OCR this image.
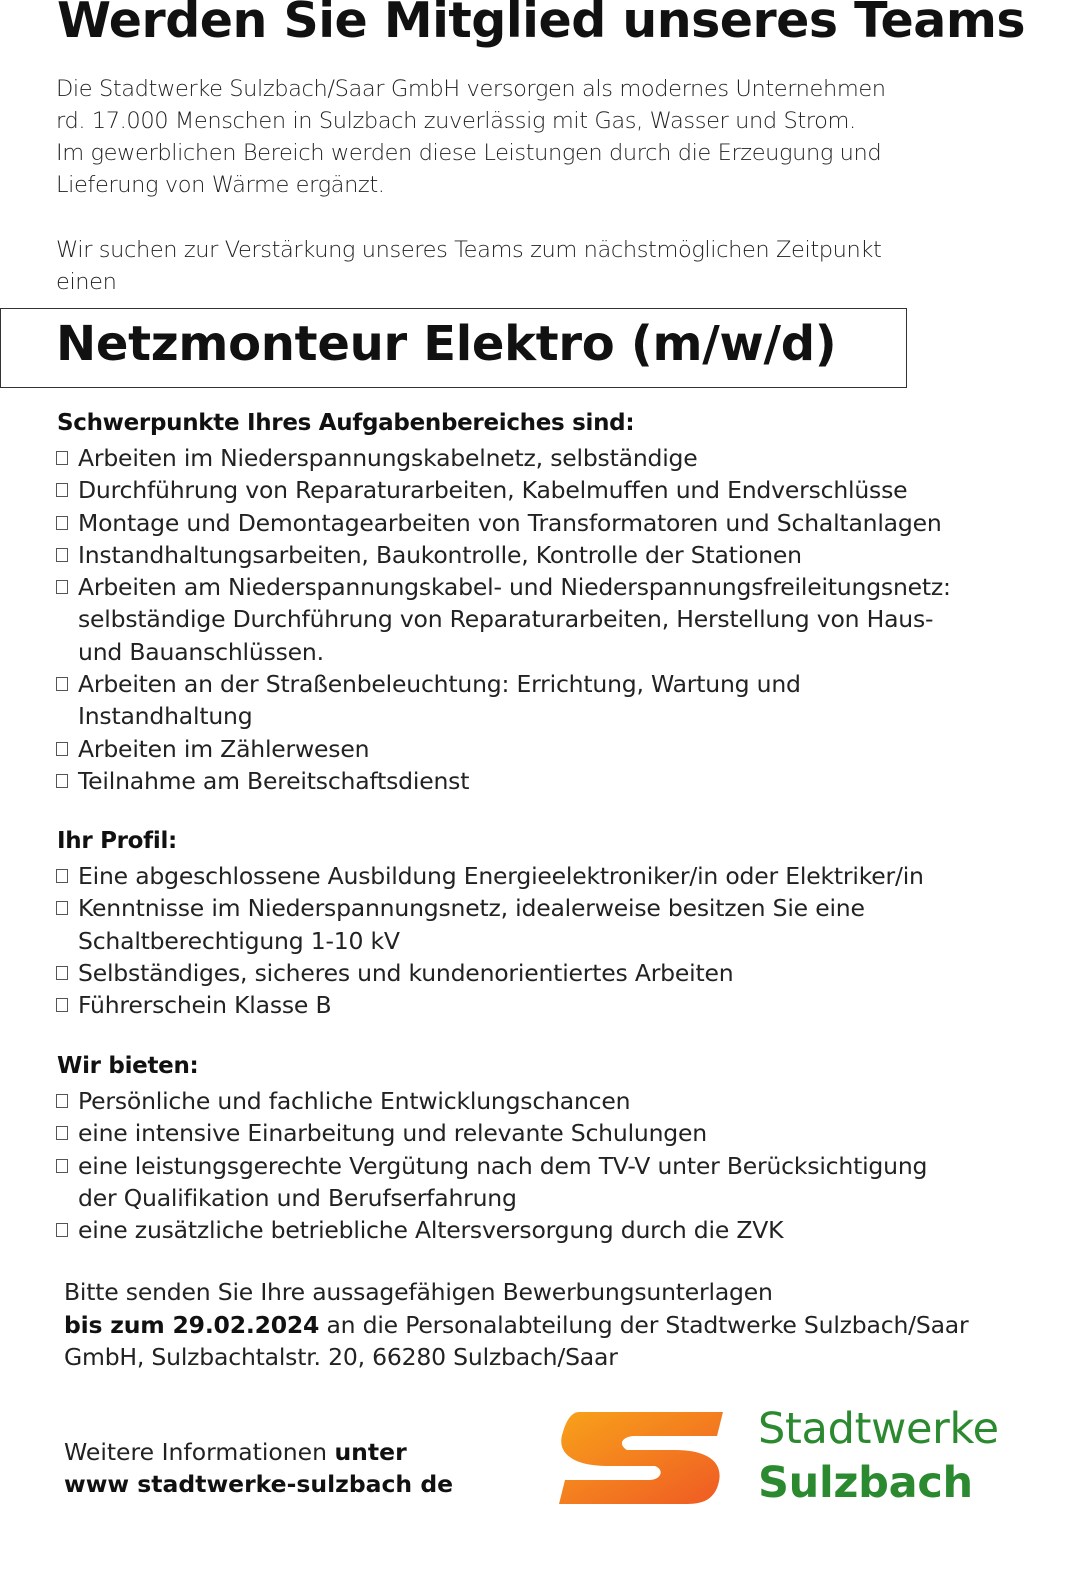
Werden Sie Mitglied unseres Teams
Die Stadtwerke Sulzbach/Saar GmbH versorgen als modernes Unternehmen
rd. 17.000 Menschen in Sulzbach zuverlässig mit Gas, Wasser und Strom.
Im gewerblichen Bereich werden diese Leistungen durch die Erzeugung und
Lieferung von Wärme ergänzt.
Wir suchen zur Verstärkung unseres Teams zum nächstmöglichen Zeitpunkt
einen
Netzmonteur Elektro (m/w/d)
Schwerpunkte Ihres Aufgabenbereiches sind:
Arbeiten im Niederspannungskabelnetz, selbständige
Durchführung von Reparaturarbeiten, Kabelmuffen und Endverschlüsse
Montage und Demontagearbeiten von Transformatoren und Schaltanlagen
Instandhaltungsarbeiten, Baukontrolle, Kontrolle der Stationen
Arbeiten am Niederspannungskabel- und Niederspannungsfreileitungsnetz:
selbständige Durchführung von Reparaturarbeiten, Herstellung von Haus-
und Bauanschlüssen.
Arbeiten an der Straßenbeleuchtung: Errichtung, Wartung und
Instandhaltung
Arbeiten im Zählerwesen
Teilnahme am Bereitschaftsdienst
Ihr Profil:
Eine abgeschlossene Ausbildung Energieelektroniker/in oder Elektriker/in
Kenntnisse im Niederspannungsnetz, idealerweise besitzen Sie eine
Schaltberechtigung 1-10 kV
Selbständiges, sicheres und kundenorientiertes Arbeiten
Führerschein Klasse B
Wir bieten:
Persönliche und fachliche Entwicklungschancen
eine intensive Einarbeitung und relevante Schulungen
eine leistungsgerechte Vergütung nach dem TV-V unter Berücksichtigung
der Qualifikation und Berufserfahrung
eine zusätzliche betriebliche Altersversorgung durch die ZVK
Bitte senden Sie Ihre aussagefähigen Bewerbungsunterlagen
bis zum 29.02.2024 an die Personalabteilung der Stadtwerke Sulzbach/Saar
GmbH, Sulzbachtalstr. 20, 66280 Sulzbach/Saar
Weitere Informationen unter
www stadtwerke-sulzbach de
Stadtwerke
Sulzbach
